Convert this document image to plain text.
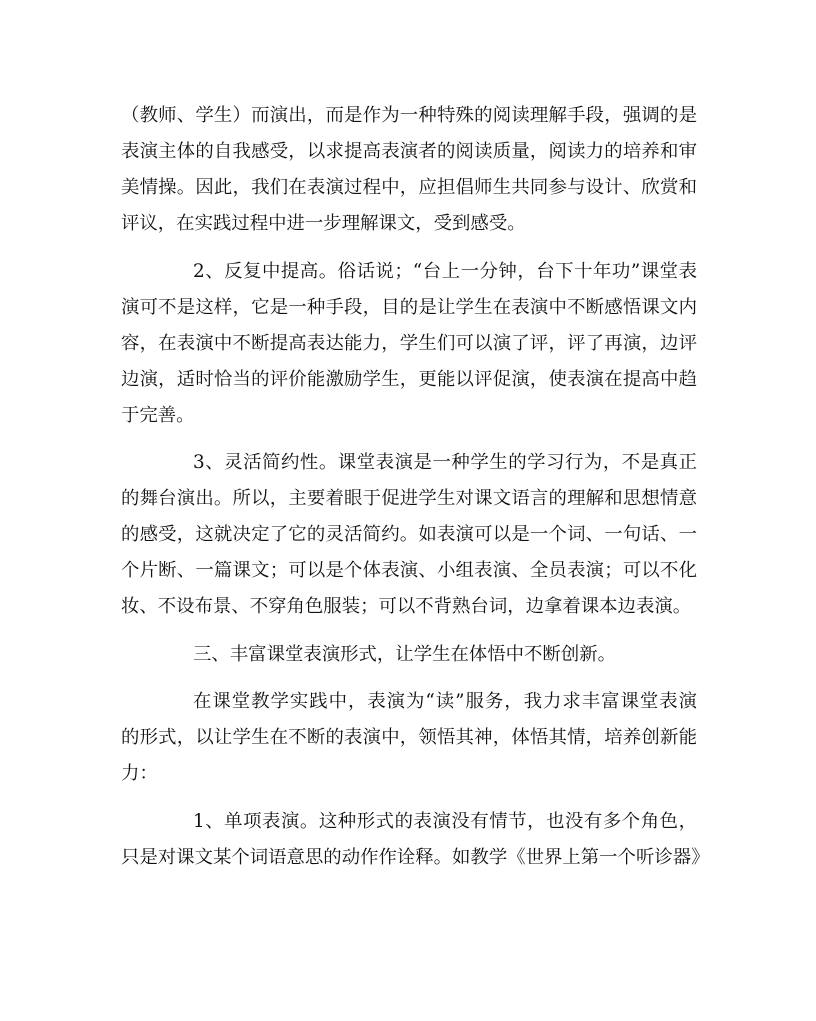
（教师、学生）而演出，而是作为一种特殊的阅读理解手段，强调的是

表演主体的自我感受，以求提高表演者的阅读质量，阅读力的培养和审

美情操。因此，我们在表演过程中，应担倡师生共同参与设计、欣赏和

评议，在实践过程中进一步理解课文，受到感受。

2、反复中提高。俗话说；“台上一分钟，台下十年功”课堂表

演可不是这样，它是一种手段，目的是让学生在表演中不断感悟课文内

容，在表演中不断提高表达能力，学生们可以演了评，评了再演，边评

边演，适时恰当的评价能激励学生，更能以评促演，使表演在提高中趋

于完善。

3、灵活简约性。课堂表演是一种学生的学习行为，不是真正

的舞台演出。所以，主要着眼于促进学生对课文语言的理解和思想情意

的感受，这就决定了它的灵活简约。如表演可以是一个词、一句话、一

个片断、一篇课文；可以是个体表演、小组表演、全员表演；可以不化

妆、不设布景、不穿角色服装；可以不背熟台词，边拿着课本边表演。

三、丰富课堂表演形式，让学生在体悟中不断创新。

在课堂教学实践中，表演为“读”服务，我力求丰富课堂表演

的形式，以让学生在不断的表演中，领悟其神，体悟其情，培养创新能

力：

1、单项表演。这种形式的表演没有情节，也没有多个角色，

只是对课文某个词语意思的动作作诠释。如教学《世界上第一个听诊器》
